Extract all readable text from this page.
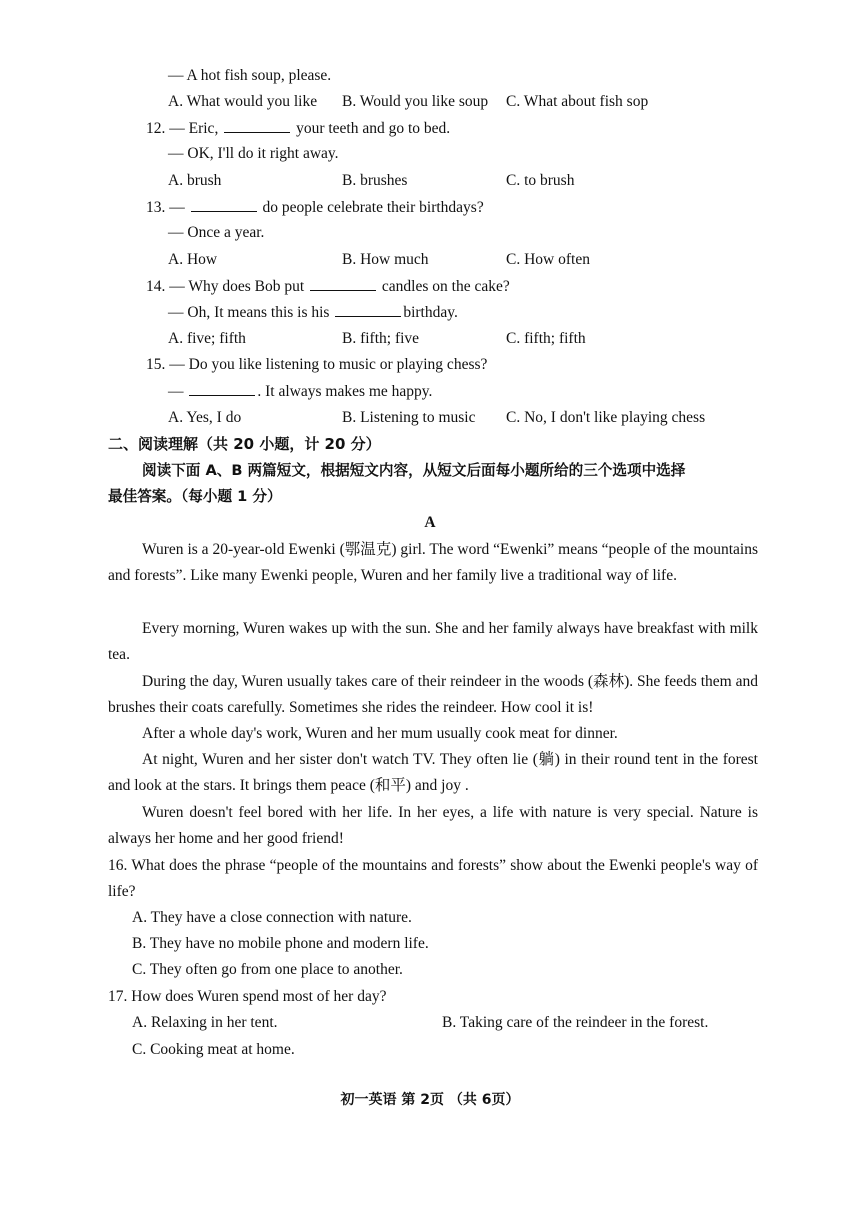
— A hot fish soup, please.
A. What would you like B. Would you like soup C. What about fish sop
12. — Eric,	your teeth and go to bed.
— OK, I'll do it right away.
A. brush	B. brushes	C. to brush
13. —	do people celebrate their birthdays?
— Once a year.
A. How	B. How much	C. How often
14. — Why does Bob put	candles on the cake?
— Oh, It means this is his	birthday.
A. five; fifth	B. fifth; five	C. fifth; fifth
15. — Do you like listening to music or playing chess?
—	. It always makes me happy.
A. Yes, I do	B. Listening to music C. No, I don't like playing chess
二、阅读理解（共 20 小题，计 20 分）
阅读下面 A、B 两篇短文，根据短文内容，从短文后面每小题所给的三个选项中选择
最佳答案。（每小题 1 分）
A
Wuren is a 20-year-old Ewenki (鄂温克) girl. The word “Ewenki” means “people of the mountains and forests”. Like many Ewenki people, Wuren and her family live a traditional way of life.
Every morning, Wuren wakes up with the sun. She and her family always have breakfast with milk tea.
During the day, Wuren usually takes care of their reindeer in the woods (森林). She feeds them and brushes their coats carefully. Sometimes she rides the reindeer. How cool it is!
After a whole day's work, Wuren and her mum usually cook meat for dinner.
At night, Wuren and her sister don't watch TV. They often lie (躺) in their round tent in the forest and look at the stars. It brings them peace (和平) and joy .
Wuren doesn't feel bored with her life. In her eyes, a life with nature is very special. Nature is always her home and her good friend!
16. What does the phrase “people of the mountains and forests” show about the Ewenki people's way of life?
A. They have a close connection with nature.
B. They have no mobile phone and modern life.
C. They often go from one place to another.
17. How does Wuren spend most of her day?
A. Relaxing in her tent.	B. Taking care of the reindeer in the forest.
C. Cooking meat at home.
初一英语 第 2页 （共 6页）
